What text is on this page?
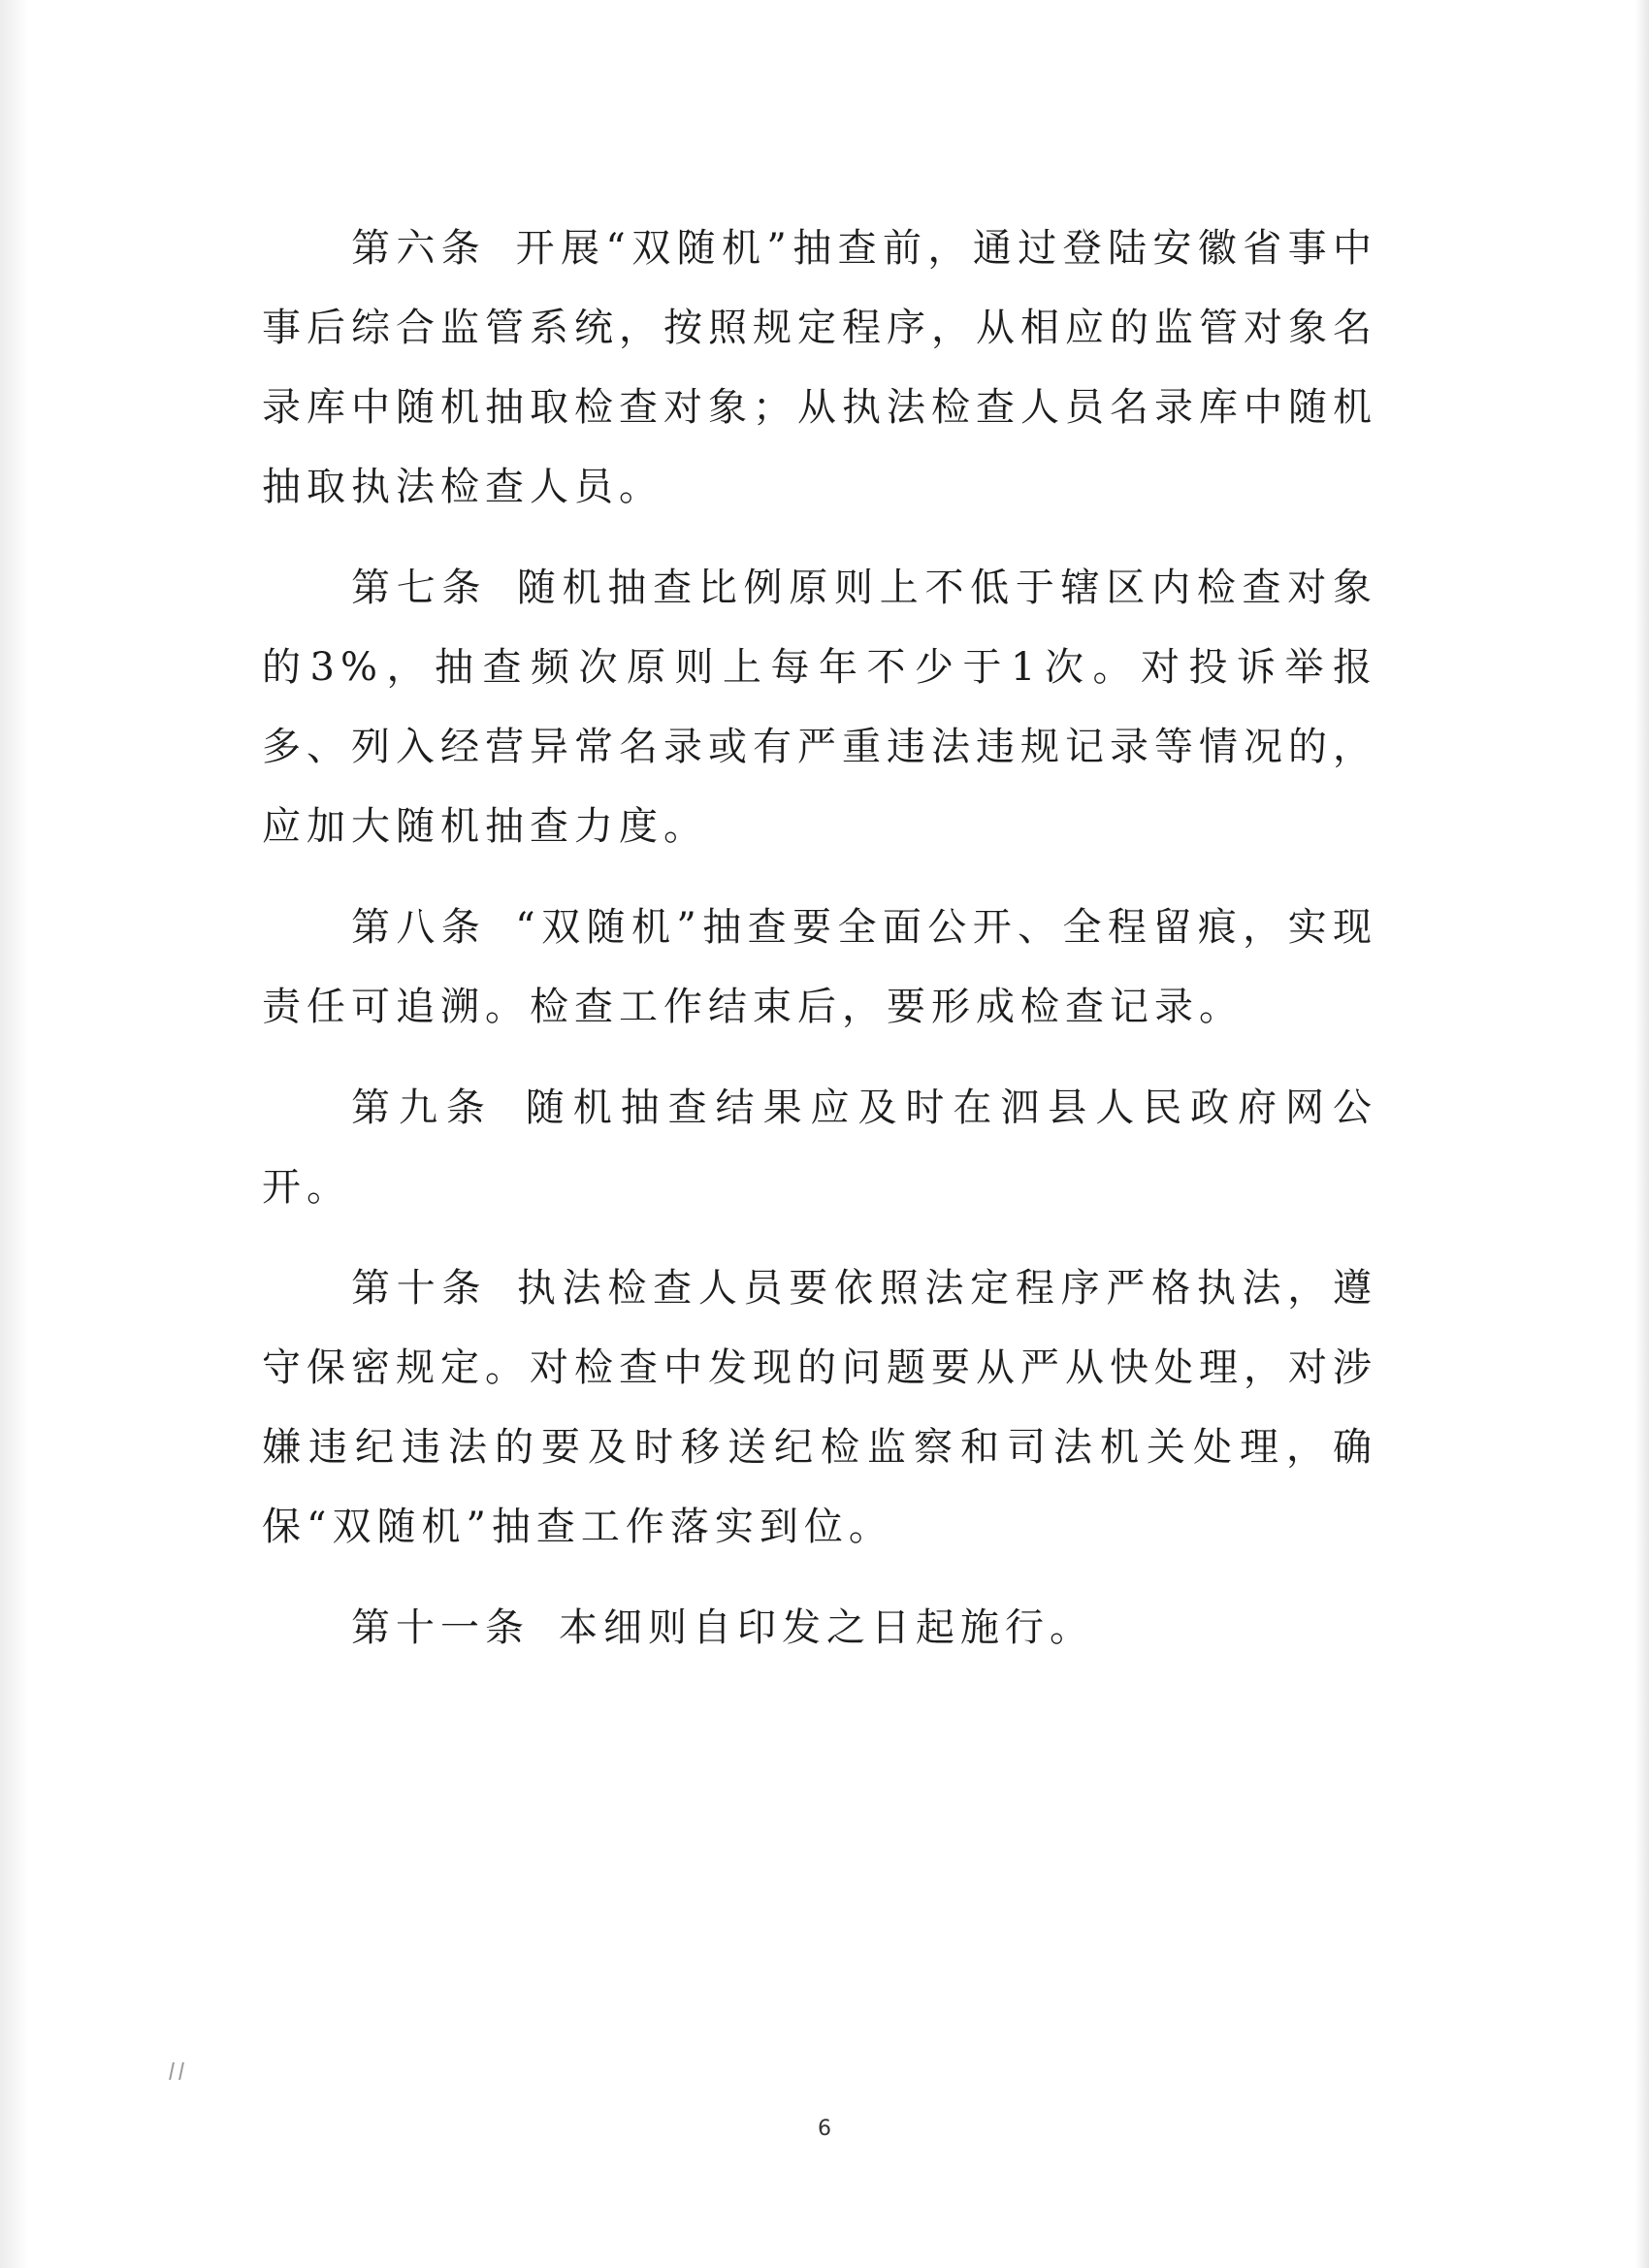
第六条 开展“双随机”抽查前，通过登陆安徽省事中事后综合监管系统，按照规定程序，从相应的监管对象名录库中随机抽取检查对象；从执法检查人员名录库中随机抽取执法检查人员。

第七条 随机抽查比例原则上不低于辖区内检查对象的3%，抽查频次原则上每年不少于1次。对投诉举报多、列入经营异常名录或有严重违法违规记录等情况的，应加大随机抽查力度。

第八条 “双随机”抽查要全面公开、全程留痕，实现责任可追溯。检查工作结束后，要形成检查记录。

第九条 随机抽查结果应及时在泗县人民政府网公开。

第十条 执法检查人员要依照法定程序严格执法，遵守保密规定。对检查中发现的问题要从严从快处理，对涉嫌违纪违法的要及时移送纪检监察和司法机关处理，确保“双随机”抽查工作落实到位。

第十一条 本细则自印发之日起施行。

6
